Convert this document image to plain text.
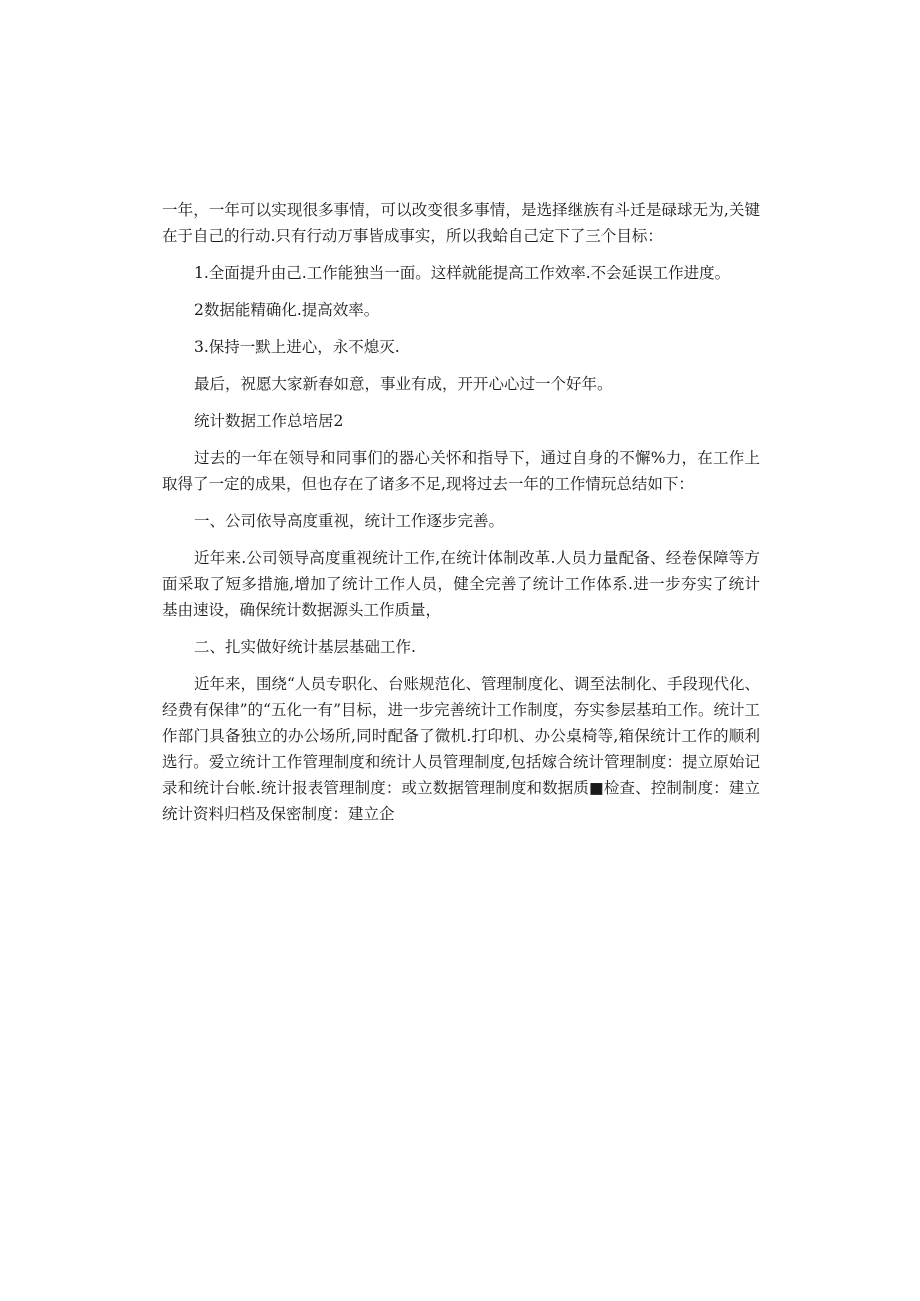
一年，一年可以实现很多事情，可以改变很多事情，是选择继族有斗迁是碌球无为,关键在于自己的行动.只有行动万事皆成事实，所以我蛤自己定下了三个目标：

1.全面提升由己.工作能独当一面。这样就能提高工作效率.不会延误工作进度。

2数据能精确化.提高效率。

3.保持一默上进心，永不熄灭.

最后，祝愿大家新春如意，事业有成，开开心心过一个好年。

统计数据工作总培居2

过去的一年在领导和同事们的器心关怀和指导下，通过自身的不懈%力，在工作上取得了一定的成果，但也存在了诸多不足,现将过去一年的工作情玩总结如下：

一、公司依导高度重视，统计工作逐步完善。

近年来.公司领导高度重视统计工作,在统计体制改革.人员力量配备、经卷保障等方面采取了短多措施,增加了统计工作人员，健全完善了统计工作体系.进一步夯实了统计基由速设，确保统计数据源头工作质量，

二、扎实做好统计基层基础工作.

近年来，围绕“人员专职化、台账规范化、管理制度化、调至法制化、手段现代化、经费有保律”的“五化一有”目标，进一步完善统计工作制度，夯实参层基珀工作。统计工作部门具备独立的办公场所,同时配备了微机.打印机、办公桌椅等,箱保统计工作的顺利选行。爱立统计工作管理制度和统计人员管理制度,包括嫁合统计管理制度：提立原始记录和统计台帐.统计报表管理制度：或立数据管理制度和数据质■检查、控制制度：建立统计资料归档及保密制度：建立企
